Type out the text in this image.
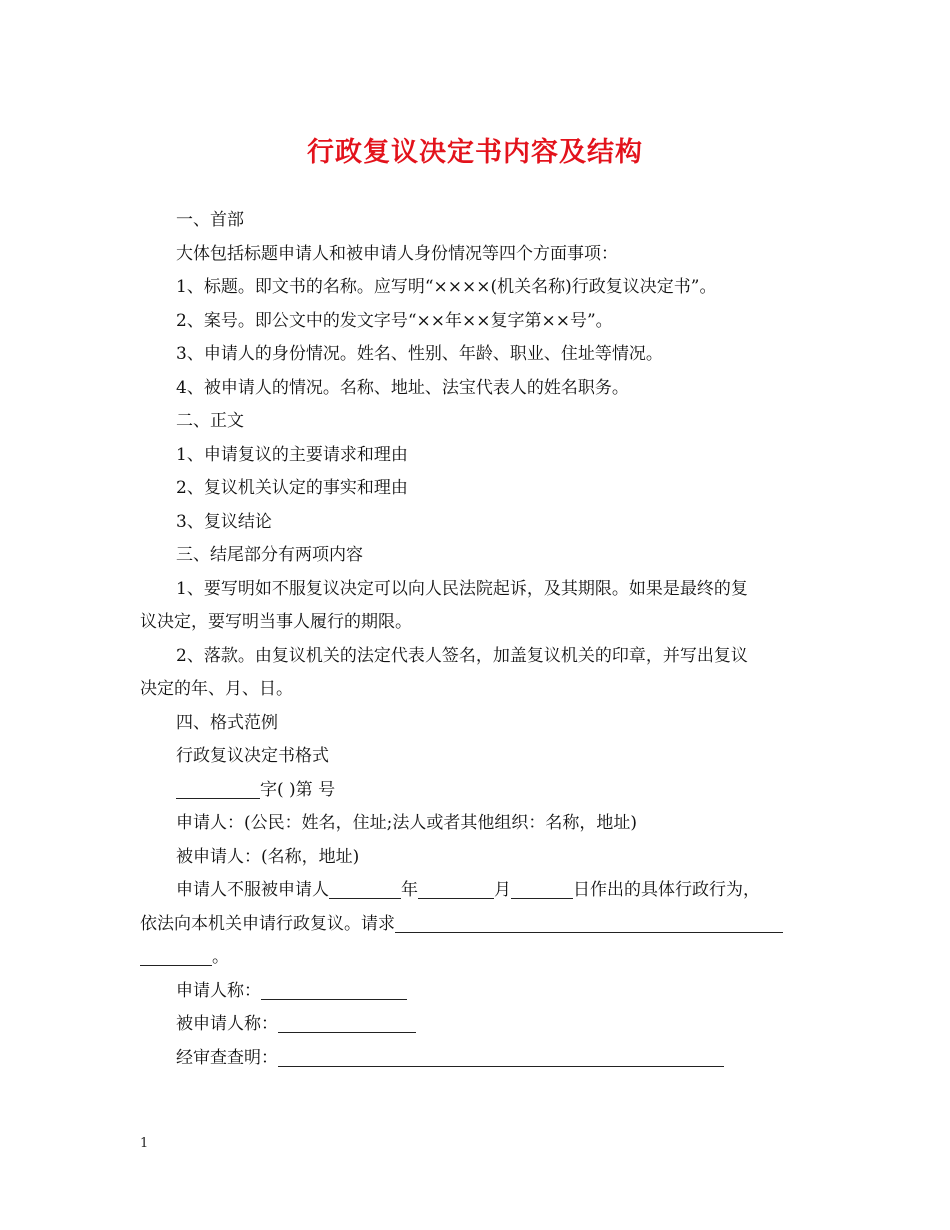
行政复议决定书内容及结构
一、首部
大体包括标题申请人和被申请人身份情况等四个方面事项：
1、标题。即文书的名称。应写明“××××(机关名称)行政复议决定书”。
2、案号。即公文中的发文字号“××年××复字第××号”。
3、申请人的身份情况。姓名、性别、年龄、职业、住址等情况。
4、被申请人的情况。名称、地址、法宝代表人的姓名职务。
二、正文
1、申请复议的主要请求和理由
2、复议机关认定的事实和理由
3、复议结论
三、结尾部分有两项内容
1、要写明如不服复议决定可以向人民法院起诉，及其期限。如果是最终的复
议决定，要写明当事人履行的期限。
2、落款。由复议机关的法定代表人签名，加盖复议机关的印章，并写出复议
决定的年、月、日。
四、格式范例
行政复议决定书格式
字( )第 号
申请人：(公民：姓名，住址;法人或者其他组织：名称，地址)
被申请人：(名称，地址)
申请人不服被申请人	年	月	日作出的具体行政行为，
依法向本机关申请行政复议。请求
。
申请人称：
被申请人称：
经审查查明：
1
